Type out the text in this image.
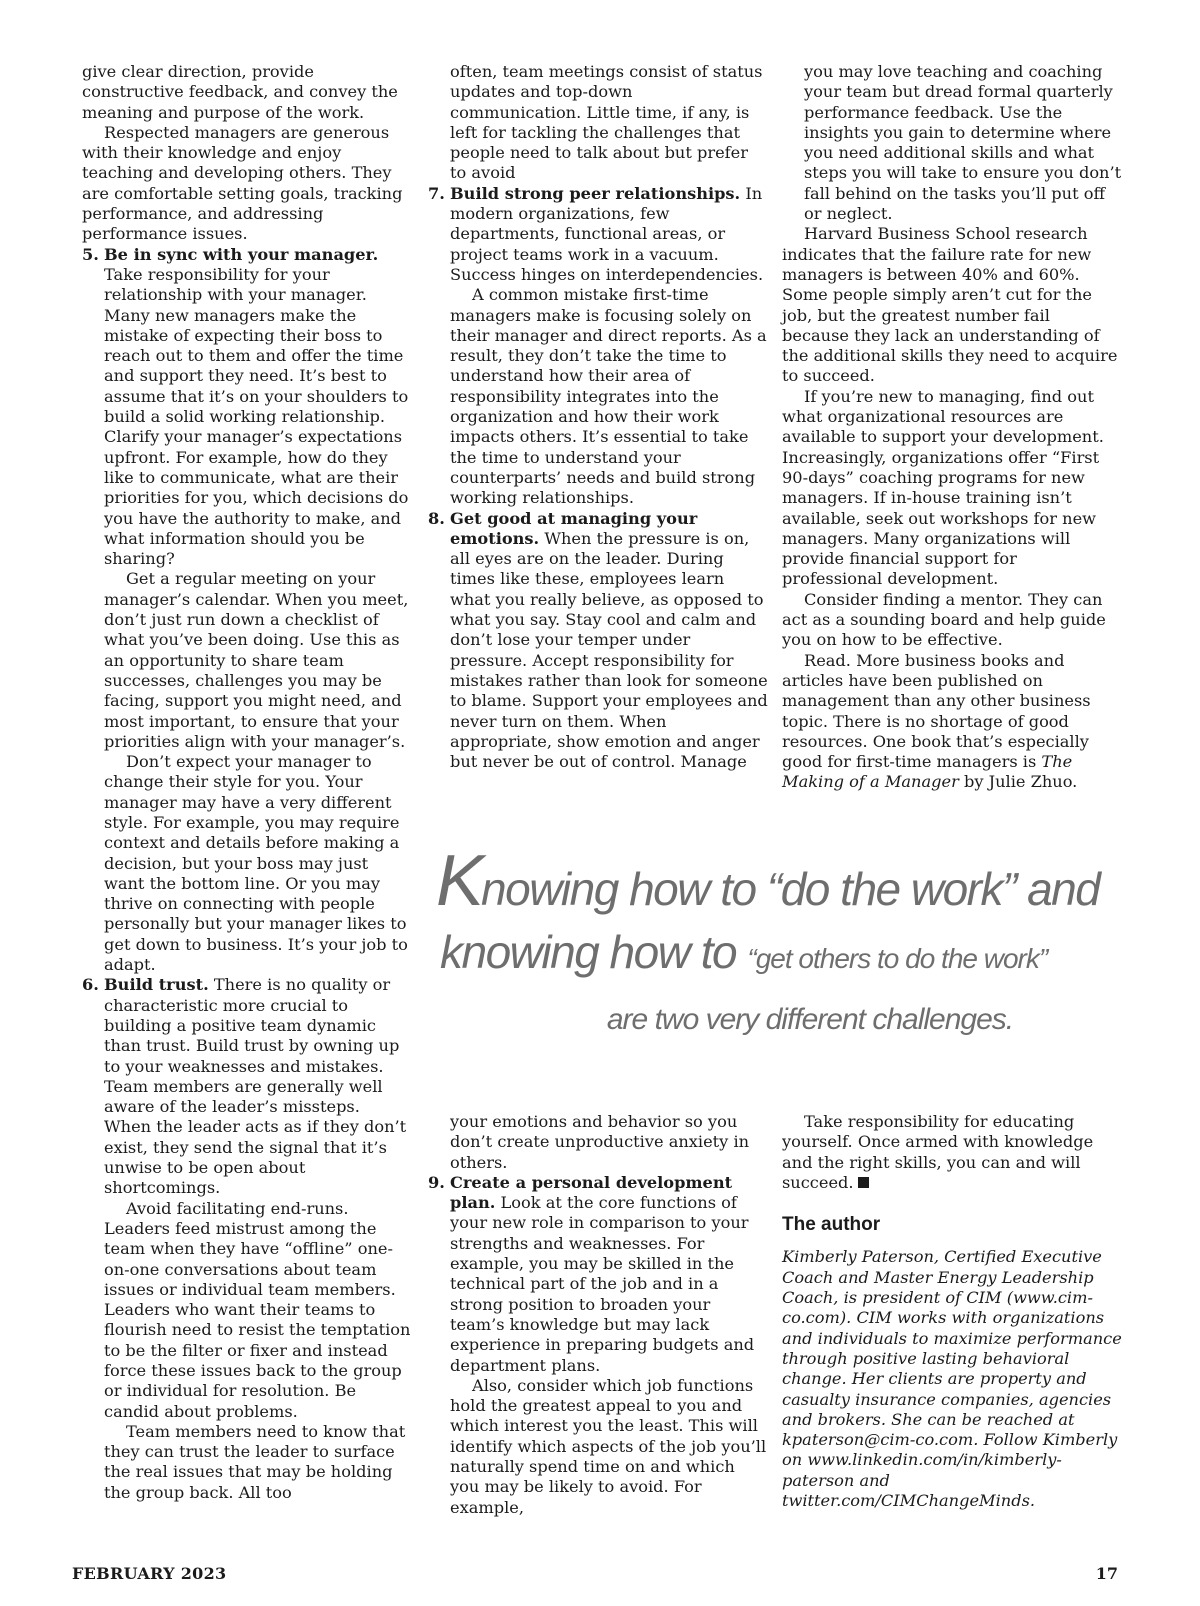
give clear direction, provide constructive feedback, and convey the meaning and purpose of the work.

Respected managers are generous with their knowledge and enjoy teaching and developing others. They are comfortable setting goals, tracking performance, and addressing performance issues.

5. Be in sync with your manager. Take responsibility for your relationship with your manager. Many new managers make the mistake of expecting their boss to reach out to them and offer the time and support they need. It’s best to assume that it’s on your shoulders to build a solid working relationship. Clarify your manager’s expectations upfront. For example, how do they like to communicate, what are their priorities for you, which decisions do you have the authority to make, and what information should you be sharing?

Get a regular meeting on your manager’s calendar. When you meet, don’t just run down a checklist of what you’ve been doing. Use this as an opportunity to share team successes, challenges you may be facing, support you might need, and most important, to ensure that your priorities align with your manager’s.

Don’t expect your manager to change their style for you. Your manager may have a very different style. For example, you may require context and details before making a decision, but your boss may just want the bottom line. Or you may thrive on connecting with people personally but your manager likes to get down to business. It’s your job to adapt.

6. Build trust. There is no quality or characteristic more crucial to building a positive team dynamic than trust. Build trust by owning up to your weaknesses and mistakes. Team members are generally well aware of the leader’s missteps. When the leader acts as if they don’t exist, they send the signal that it’s unwise to be open about shortcomings.

Avoid facilitating end-runs. Leaders feed mistrust among the team when they have “offline” one-on-one conversations about team issues or individual team members. Leaders who want their teams to flourish need to resist the temptation to be the filter or fixer and instead force these issues back to the group or individual for resolution. Be candid about problems.

Team members need to know that they can trust the leader to surface the real issues that may be holding the group back. All too

often, team meetings consist of status updates and top-down communication. Little time, if any, is left for tackling the challenges that people need to talk about but prefer to avoid

7. Build strong peer relationships. In modern organizations, few departments, functional areas, or project teams work in a vacuum. Success hinges on interdependencies.

A common mistake first-time managers make is focusing solely on their manager and direct reports. As a result, they don’t take the time to understand how their area of responsibility integrates into the organization and how their work impacts others. It’s essential to take the time to understand your counterparts’ needs and build strong working relationships.

8. Get good at managing your emotions. When the pressure is on, all eyes are on the leader. During times like these, employees learn what you really believe, as opposed to what you say. Stay cool and calm and don’t lose your temper under pressure. Accept responsibility for mistakes rather than look for someone to blame. Support your employees and never turn on them. When appropriate, show emotion and anger but never be out of control. Manage

you may love teaching and coaching your team but dread formal quarterly performance feedback. Use the insights you gain to determine where you need additional skills and what steps you will take to ensure you don’t fall behind on the tasks you’ll put off or neglect.

Harvard Business School research indicates that the failure rate for new managers is between 40% and 60%. Some people simply aren’t cut for the job, but the greatest number fail because they lack an understanding of the additional skills they need to acquire to succeed.

If you’re new to managing, find out what organizational resources are available to support your development. Increasingly, organizations offer “First 90-days” coaching programs for new managers. If in-house training isn’t available, seek out workshops for new managers. Many organizations will provide financial support for professional development.

Consider finding a mentor. They can act as a sounding board and help guide you on how to be effective.

Read. More business books and articles have been published on management than any other business topic. There is no shortage of good resources. One book that’s especially good for first-time managers is The Making of a Manager by Julie Zhuo.

Knowing how to “do the work” and
knowing how to “get others to do the work”
are two very different challenges.

your emotions and behavior so you don’t create unproductive anxiety in others.

9. Create a personal development plan. Look at the core functions of your new role in comparison to your strengths and weaknesses. For example, you may be skilled in the technical part of the job and in a strong position to broaden your team’s knowledge but may lack experience in preparing budgets and department plans.

Also, consider which job functions hold the greatest appeal to you and which interest you the least. This will identify which aspects of the job you’ll naturally spend time on and which you may be likely to avoid. For example,

Take responsibility for educating yourself. Once armed with knowledge and the right skills, you can and will succeed.

The author

Kimberly Paterson, Certified Executive Coach and Master Energy Leadership Coach, is president of CIM (www.cim-co.com). CIM works with organizations and individuals to maximize performance through positive lasting behavioral change. Her clients are property and casualty insurance companies, agencies and brokers. She can be reached at kpaterson@cim-co.com. Follow Kimberly on www.linkedin.com/in/kimberly-paterson and twitter.com/CIMChangeMinds.

FEBRUARY 2023	17
